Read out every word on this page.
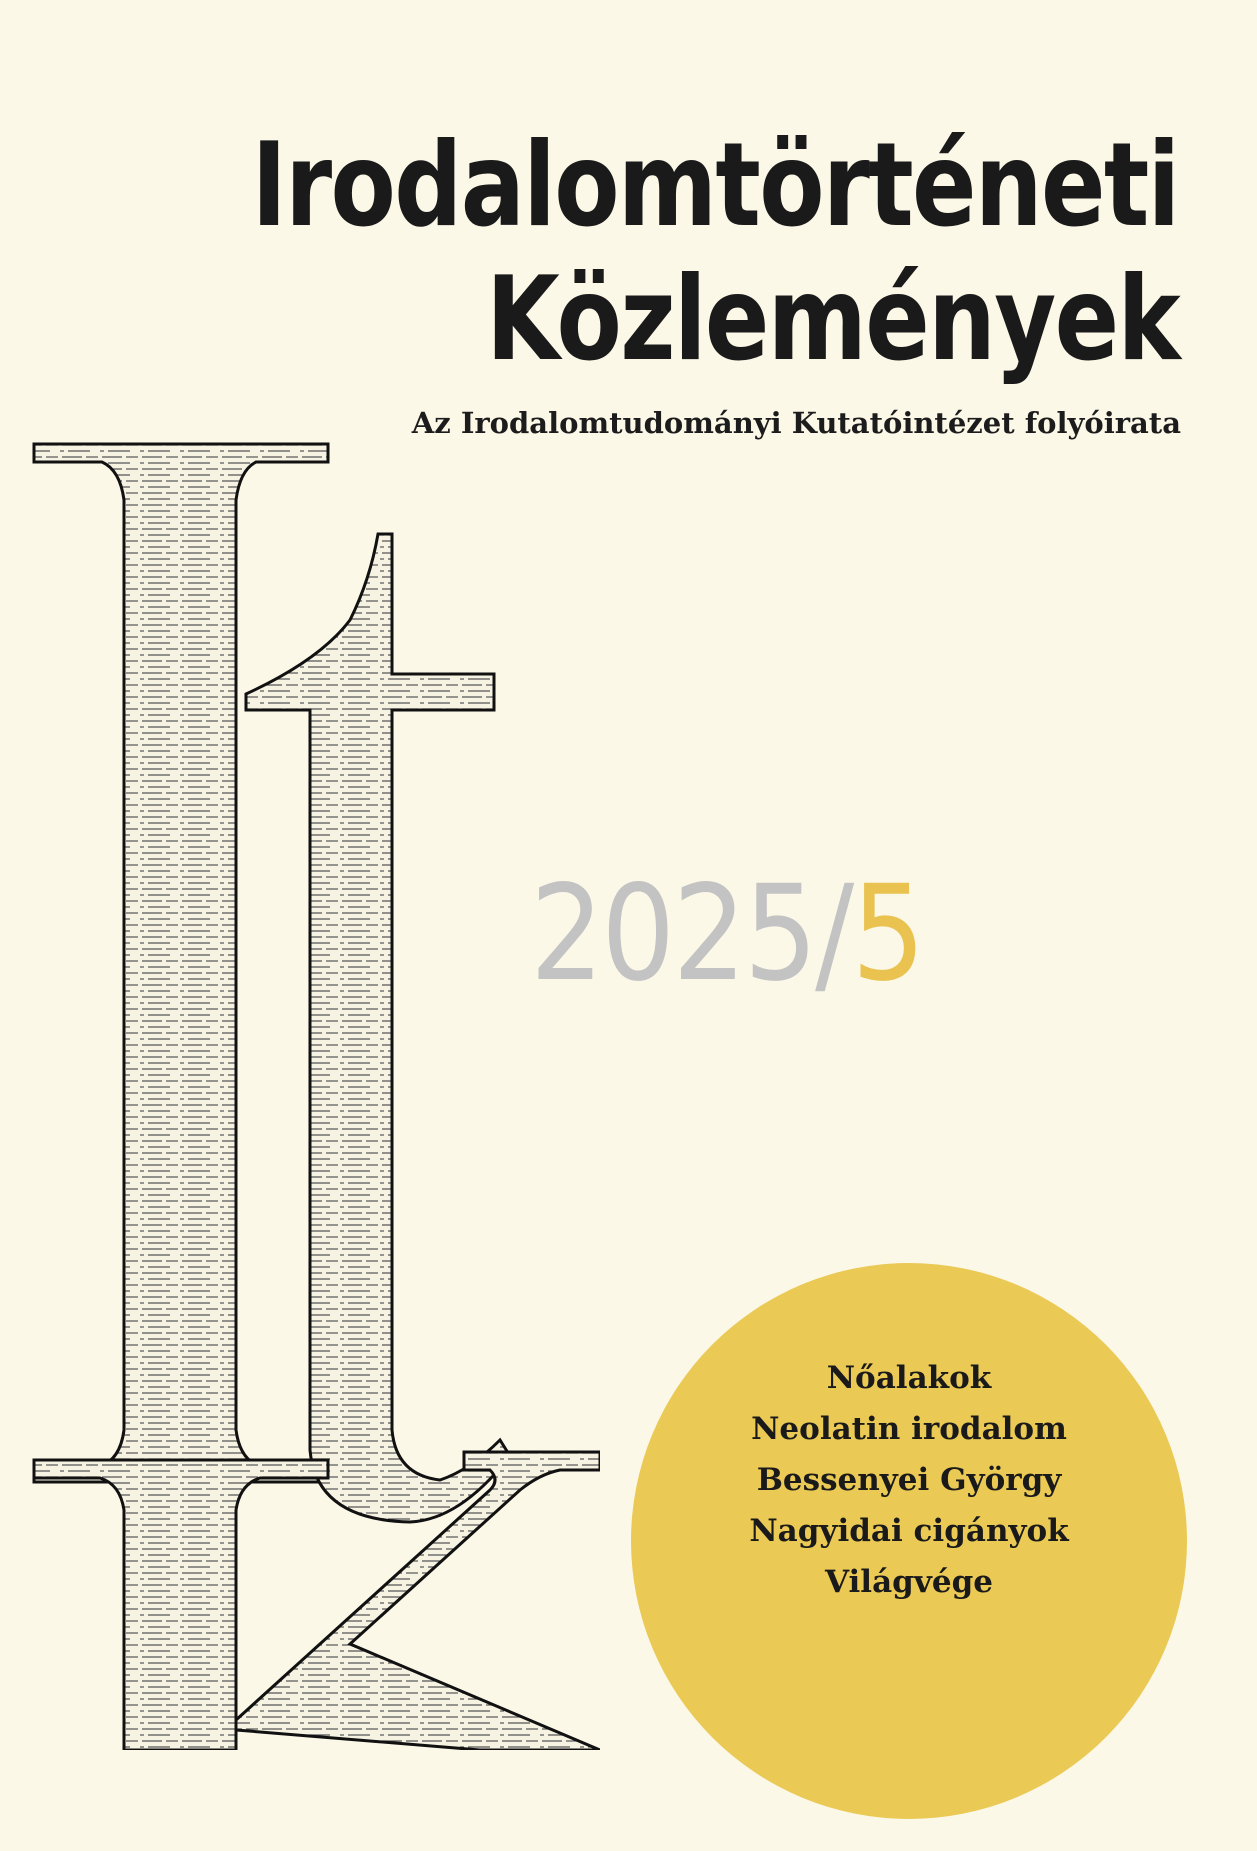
Irodalomtörténeti
Közlemények
Az Irodalomtudományi Kutatóintézet folyóirata
2025/5
Nőalakok
Neolatin irodalom
Bessenyei György
Nagyidai cigányok
Világvége
